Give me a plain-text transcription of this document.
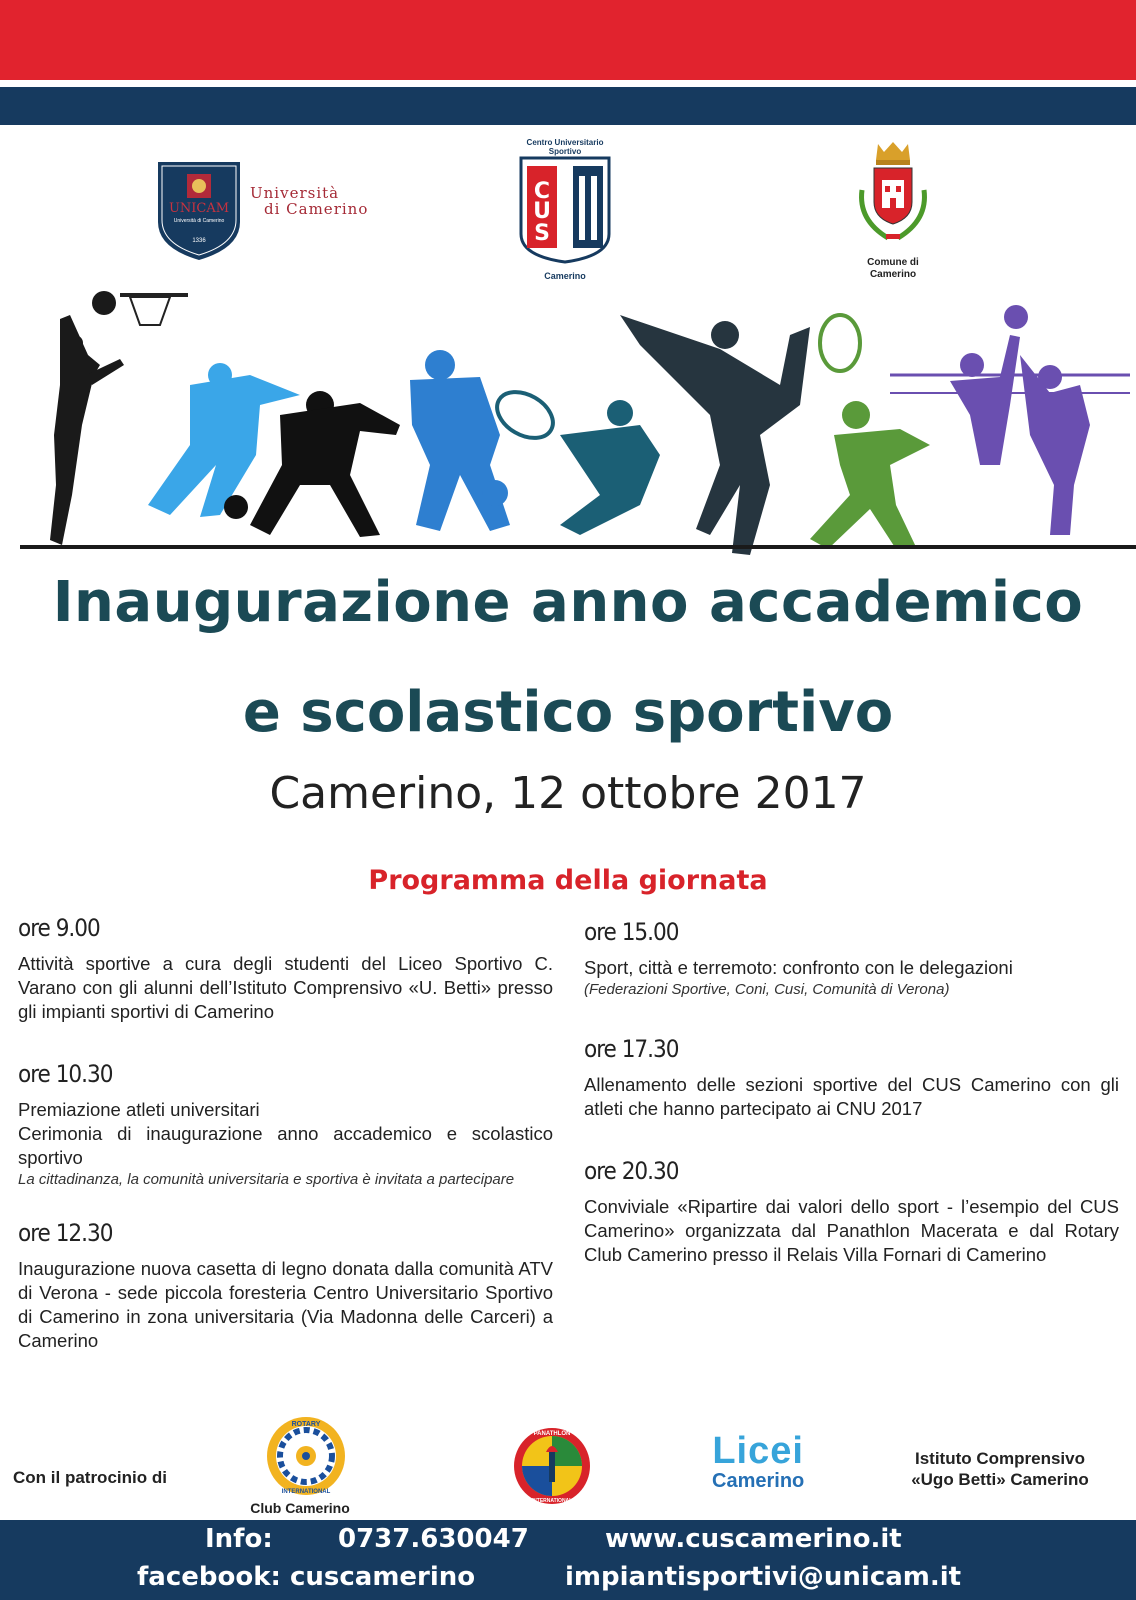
UNICAM
Università di Camerino
1336
Università
di Camerino
Centro Universitario Sportivo
C
U
S
Camerino
Comune di
Camerino
Inaugurazione anno accademico
e scolastico sportivo
Camerino, 12 ottobre 2017
Programma della giornata
ore 9.00
Attività sportive a cura degli studenti del Liceo Sportivo C. Varano con gli alunni dell’Istituto Comprensivo «U. Betti» presso gli impianti sportivi di Camerino
ore 10.30
Premiazione atleti universitari
Cerimonia di inaugurazione anno accademico e scolastico sportivo
La cittadinanza, la comunità universitaria e sportiva è invitata a partecipare
ore 12.30
Inaugurazione nuova casetta di legno donata dalla comunità ATV di Verona - sede piccola foresteria Centro Universitario Sportivo di Camerino in zona universitaria (Via Madonna delle Carceri) a Camerino
ore 15.00
Sport, città e terremoto: confronto con le delegazioni
(Federazioni Sportive, Coni, Cusi, Comunità di Verona)
ore 17.30
Allenamento delle sezioni sportive del CUS Camerino con gli atleti che hanno partecipato ai CNU 2017
ore 20.30
Conviviale «Ripartire dai valori dello sport - l’esempio del CUS Camerino» organizzata dal Panathlon Macerata e dal Rotary Club Camerino presso il Relais Villa Fornari di Camerino
Con il patrocinio di
ROTARY
INTERNATIONAL
Club Camerino
PANATHLON
INTERNATIONAL
Licei
Camerino
Istituto Comprensivo
«Ugo Betti» Camerino
Info:	0737.630047	www.cuscamerino.it
facebook: cuscamerino	impiantisportivi@unicam.it
